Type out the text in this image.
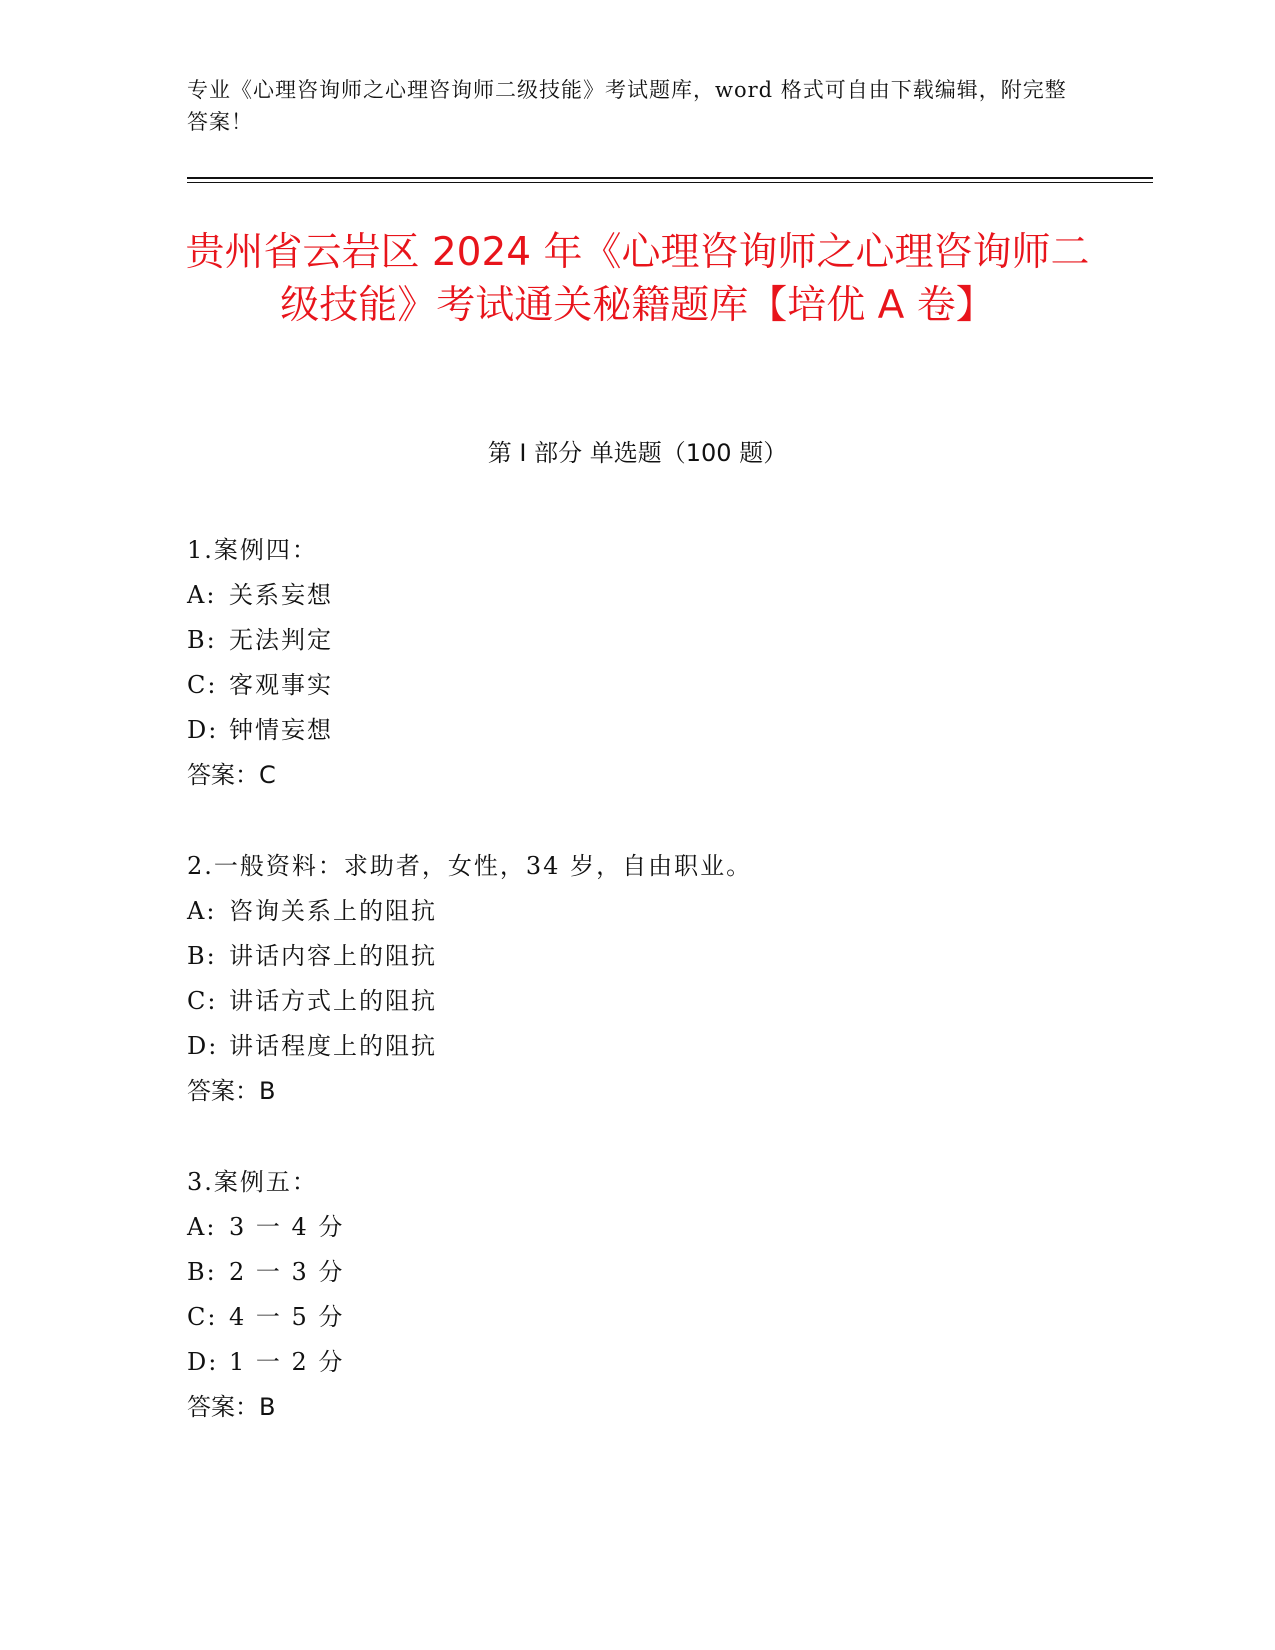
专业《心理咨询师之心理咨询师二级技能》考试题库，word 格式可自由下载编辑，附完整答案！
贵州省云岩区 2024 年《心理咨询师之心理咨询师二级技能》考试通关秘籍题库【培优 A 卷】
第 I 部分 单选题（100 题）
1.案例四：
A: 关系妄想
B: 无法判定
C: 客观事实
D: 钟情妄想
答案：C
2.一般资料：求助者，女性，34 岁，自由职业。
A: 咨询关系上的阻抗
B: 讲话内容上的阻抗
C: 讲话方式上的阻抗
D: 讲话程度上的阻抗
答案：B
3.案例五：
A: 3 一 4 分
B: 2 一 3 分
C: 4 一 5 分
D: 1 一 2 分
答案：B
